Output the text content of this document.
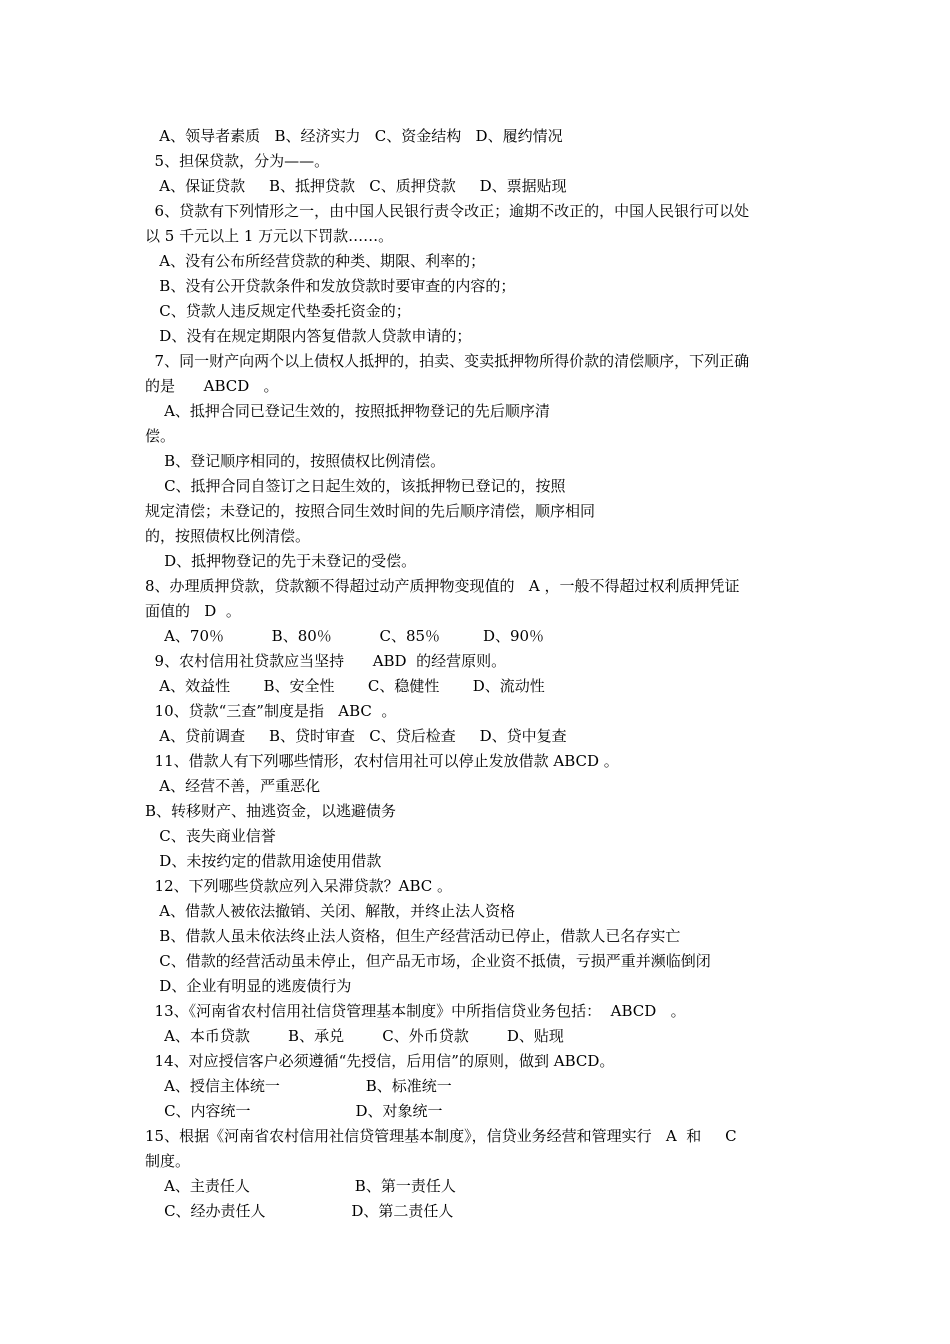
A、领导者素质   B、经济实力   C、资金结构   D、履约情况
5、担保贷款，分为——。
A、保证贷款     B、抵押贷款   C、质押贷款     D、票据贴现
6、贷款有下列情形之一，由中国人民银行责令改正；逾期不改正的，中国人民银行可以处
以 5 千元以上 1 万元以下罚款……。
A、没有公布所经营贷款的种类、期限、利率的；
B、没有公开贷款条件和发放贷款时要审查的内容的；
C、贷款人违反规定代垫委托资金的；
D、没有在规定期限内答复借款人贷款申请的；
7、同一财产向两个以上债权人抵押的，拍卖、变卖抵押物所得价款的清偿顺序，下列正确
的是      ABCD   。
A、抵押合同已登记生效的，按照抵押物登记的先后顺序清
偿。
B、登记顺序相同的，按照债权比例清偿。
C、抵押合同自签订之日起生效的，该抵押物已登记的，按照
规定清偿；未登记的，按照合同生效时间的先后顺序清偿，顺序相同
的，按照债权比例清偿。
D、抵押物登记的先于未登记的受偿。
8、办理质押贷款，贷款额不得超过动产质押物变现值的   A ，一般不得超过权利质押凭证
面值的   D  。
A、70％          B、80％          C、85％         D、90％
9、农村信用社贷款应当坚持      ABD  的经营原则。
A、效益性       B、安全性       C、稳健性       D、流动性
10、贷款“三查”制度是指   ABC  。
A、贷前调查     B、贷时审查   C、贷后检查     D、贷中复查
11、借款人有下列哪些情形，农村信用社可以停止发放借款 ABCD 。
A、经营不善，严重恶化
B、转移财产、抽逃资金，以逃避债务
C、丧失商业信誉
D、未按约定的借款用途使用借款
12、下列哪些贷款应列入呆滞贷款？ABC 。
A、借款人被依法撤销、关闭、解散，并终止法人资格
B、借款人虽未依法终止法人资格，但生产经营活动已停止，借款人已名存实亡
C、借款的经营活动虽未停止，但产品无市场，企业资不抵债，亏损严重并濒临倒闭
D、企业有明显的逃废债行为
13、《河南省农村信用社信贷管理基本制度》中所指信贷业务包括：  ABCD   。
A、本币贷款        B、承兑        C、外币贷款        D、贴现
14、对应授信客户必须遵循“先授信，后用信”的原则，做到 ABCD。
A、授信主体统一                  B、标准统一
C、内容统一                      D、对象统一
15、根据《河南省农村信用社信贷管理基本制度》，信贷业务经营和管理实行   A  和     C
制度。
A、主责任人                      B、第一责任人
C、经办责任人                  D、第二责任人
